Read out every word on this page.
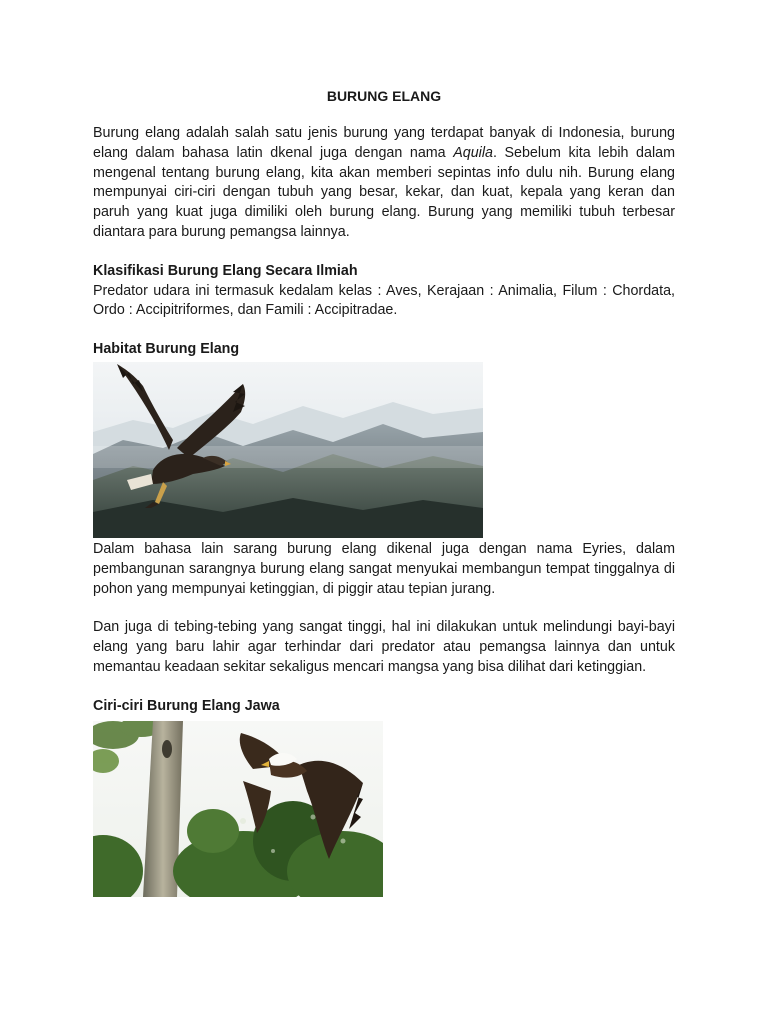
BURUNG ELANG

Burung elang adalah salah satu jenis burung yang terdapat banyak di Indonesia, burung elang dalam bahasa latin dkenal juga dengan nama Aquila. Sebelum kita lebih dalam mengenal tentang burung elang, kita akan memberi sepintas info dulu nih. Burung elang mempunyai ciri-ciri dengan tubuh yang besar, kekar, dan kuat, kepala yang keran dan paruh yang kuat juga dimiliki oleh burung elang. Burung yang memiliki tubuh terbesar diantara para burung pemangsa lainnya.

Klasifikasi Burung Elang Secara Ilmiah

Predator udara ini termasuk kedalam kelas : Aves, Kerajaan : Animalia, Filum : Chordata, Ordo : Accipitriformes, dan Famili : Accipitradae.

Habitat Burung Elang

Dalam bahasa lain sarang burung elang dikenal juga dengan nama Eyries, dalam pembangunan sarangnya burung elang sangat menyukai membangun tempat tinggalnya di pohon yang mempunyai ketinggian, di piggir atau tepian jurang.

Dan juga di tebing-tebing yang sangat tinggi, hal ini dilakukan untuk melindungi bayi-bayi elang yang baru lahir agar terhindar dari predator atau pemangsa lainnya dan untuk memantau keadaan sekitar sekaligus mencari mangsa yang bisa dilihat dari ketinggian.

Ciri-ciri Burung Elang Jawa
